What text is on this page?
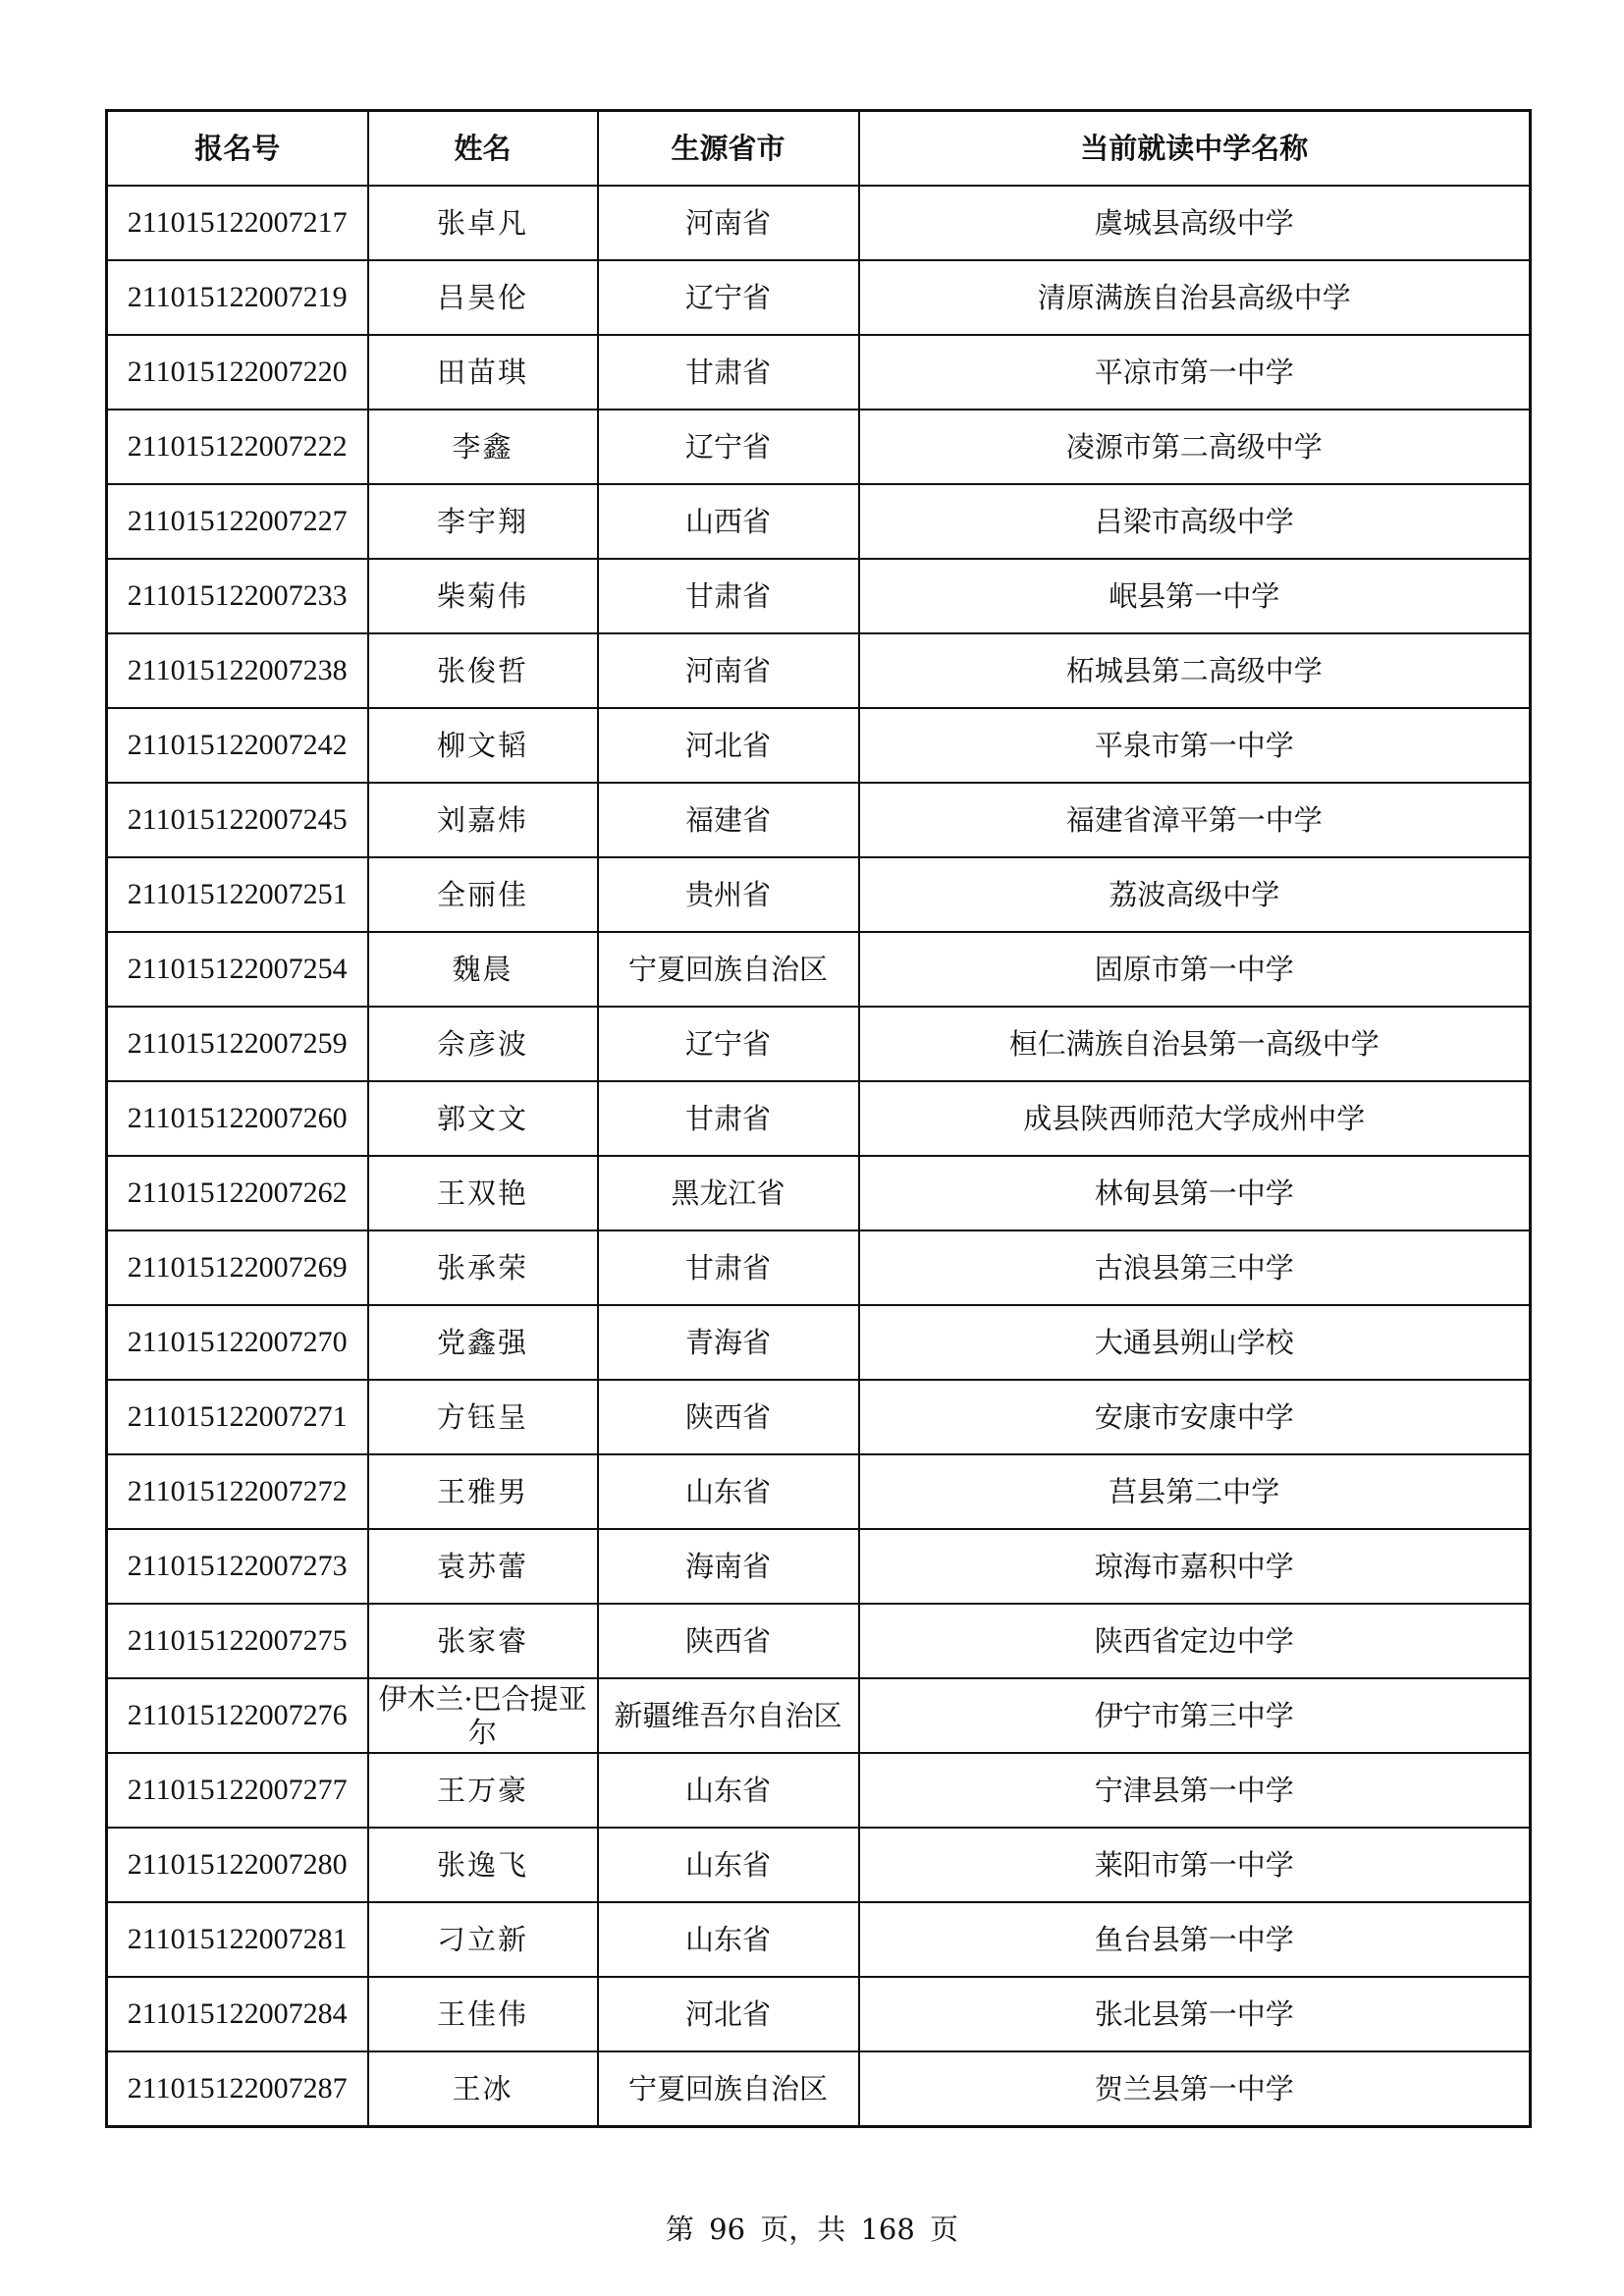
报名号	姓名	生源省市	当前就读中学名称
211015122007217	张卓凡	河南省	虞城县高级中学
211015122007219	吕昊伦	辽宁省	清原满族自治县高级中学
211015122007220	田苗琪	甘肃省	平凉市第一中学
211015122007222	李鑫	辽宁省	凌源市第二高级中学
211015122007227	李宇翔	山西省	吕梁市高级中学
211015122007233	柴菊伟	甘肃省	岷县第一中学
211015122007238	张俊哲	河南省	柘城县第二高级中学
211015122007242	柳文韬	河北省	平泉市第一中学
211015122007245	刘嘉炜	福建省	福建省漳平第一中学
211015122007251	全丽佳	贵州省	荔波高级中学
211015122007254	魏晨	宁夏回族自治区	固原市第一中学
211015122007259	佘彦波	辽宁省	桓仁满族自治县第一高级中学
211015122007260	郭文文	甘肃省	成县陕西师范大学成州中学
211015122007262	王双艳	黑龙江省	林甸县第一中学
211015122007269	张承荣	甘肃省	古浪县第三中学
211015122007270	党鑫强	青海省	大通县朔山学校
211015122007271	方钰呈	陕西省	安康市安康中学
211015122007272	王雅男	山东省	莒县第二中学
211015122007273	袁苏蕾	海南省	琼海市嘉积中学
211015122007275	张家睿	陕西省	陕西省定边中学
211015122007276	伊木兰·巴合提亚尔	新疆维吾尔自治区	伊宁市第三中学
211015122007277	王万豪	山东省	宁津县第一中学
211015122007280	张逸飞	山东省	莱阳市第一中学
211015122007281	刁立新	山东省	鱼台县第一中学
211015122007284	王佳伟	河北省	张北县第一中学
211015122007287	王冰	宁夏回族自治区	贺兰县第一中学
第 96 页，共 168 页
